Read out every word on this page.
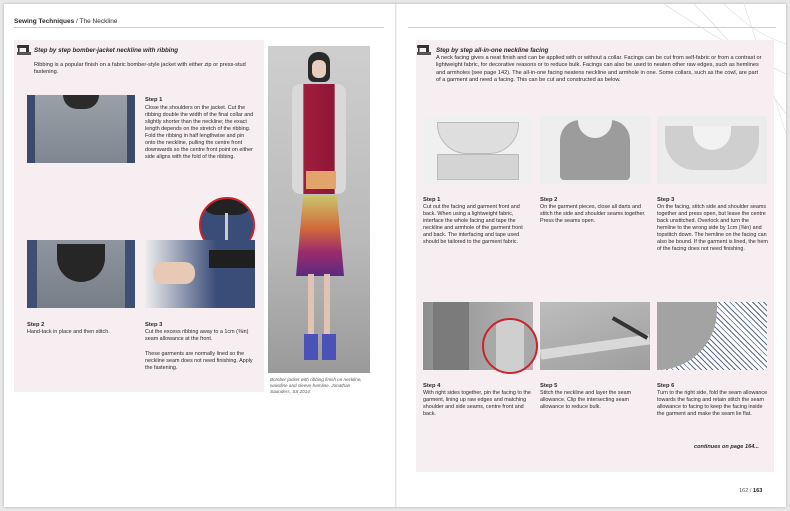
Sewing Techniques / The Neckline
Step by step bomber-jacket neckline with ribbing
Ribbing is a popular finish on a fabric bomber-style jacket with either zip or press-stud fastening.
Step 1
Close the shoulders on the jacket. Cut the ribbing double the width of the final collar and slightly shorter than the neckline; the exact length depends on the stretch of the ribbing. Fold the ribbing in half lengthwise and pin onto the neckline, pulling the centre front downwards so the centre front point on either side aligns with the fold of the ribbing.
Step 2
Hand-tack in place and then stitch.
Step 3
Cut the excess ribbing away to a 1cm (⅜in) seam allowance at the front.
These garments are normally lined so the neckline seam does not need finishing. Apply the fastening.
Bomber jacket with ribbing finish on neckline, waistline and sleeve-hemline. Jonathan Saunders, SS 2014.
Step by step all-in-one neckline facing
A neck facing gives a neat finish and can be applied with or without a collar. Facings can be cut from self-fabric or from a contrast or lightweight fabric, for decorative reasons or to reduce bulk. Facings can also be used to neaten other raw edges, such as hemlines and armholes (see page 142). The all-in-one facing neatens neckline and armhole in one. Some collars, such as the cowl, are part of a garment and need a facing. This can be cut and constructed as below.
Step 1
Cut out the facing and garment front and back. When using a lightweight fabric, interface the whole facing and tape the neckline and armhole of the garment front and back. The interfacing and tape used should be tailored to the garment fabric.
Step 2
On the garment pieces, close all darts and stitch the side and shoulder seams together. Press the seams open.
Step 3
On the facing, stitch side and shoulder seams together and press open, but leave the centre back unstitched. Overlock and turn the hemline to the wrong side by 1cm (⅜in) and topstitch down. The hemline on the facing can also be bound. If the garment is lined, the hem of the facing does not need finishing.
Step 4
With right sides together, pin the facing to the garment, lining up raw edges and matching shoulder and side seams, centre front and back.
Step 5
Stitch the neckline and layer the seam allowance. Clip the intersecting seam allowance to reduce bulk.
Step 6
Turn to the right side, fold the seam allowance towards the facing and retain stitch the seam allowance to facing to keep the facing inside the garment and make the seam lie flat.
continues on page 164...
162 / 163
